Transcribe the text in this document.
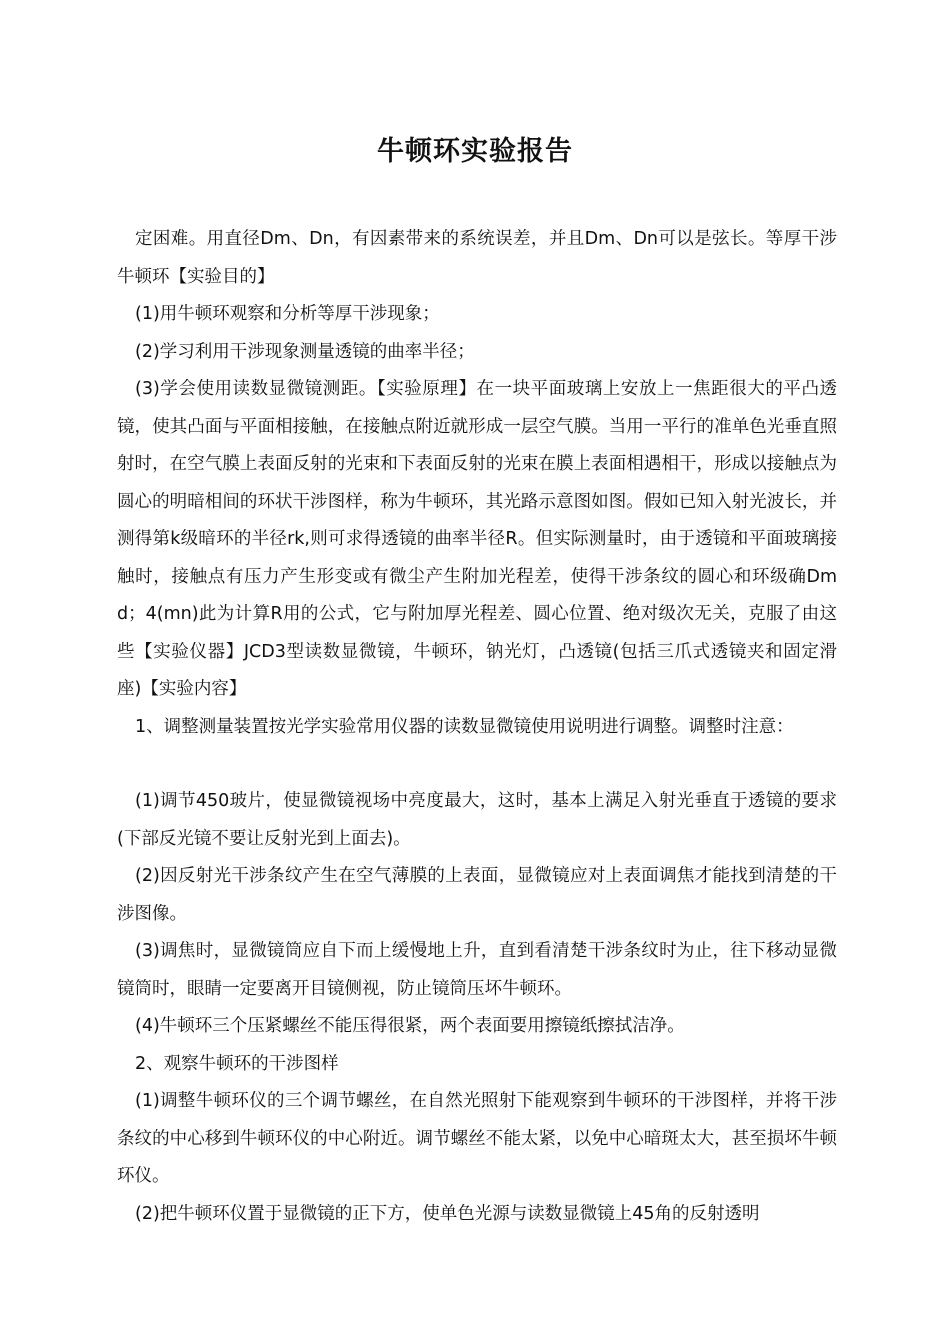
牛顿环实验报告

定困难。用直径Dm、Dn，有因素带来的系统误差，并且Dm、Dn可以是弦长。等厚干涉牛顿环【实验目的】

(1)用牛顿环观察和分析等厚干涉现象；

(2)学习利用干涉现象测量透镜的曲率半径；

(3)学会使用读数显微镜测距。【实验原理】在一块平面玻璃上安放上一焦距很大的平凸透镜，使其凸面与平面相接触，在接触点附近就形成一层空气膜。当用一平行的准单色光垂直照射时，在空气膜上表面反射的光束和下表面反射的光束在膜上表面相遇相干，形成以接触点为圆心的明暗相间的环状干涉图样，称为牛顿环，其光路示意图如图。假如已知入射光波长，并测得第k级暗环的半径rk,则可求得透镜的曲率半径R。但实际测量时，由于透镜和平面玻璃接触时，接触点有压力产生形变或有微尘产生附加光程差，使得干涉条纹的圆心和环级确Dmd；4(mn)此为计算R用的公式，它与附加厚光程差、圆心位置、绝对级次无关，克服了由这些【实验仪器】JCD3型读数显微镜，牛顿环，钠光灯，凸透镜(包括三爪式透镜夹和固定滑座)【实验内容】

1、调整测量装置按光学实验常用仪器的读数显微镜使用说明进行调整。调整时注意：

(1)调节450玻片，使显微镜视场中亮度最大，这时，基本上满足入射光垂直于透镜的要求(下部反光镜不要让反射光到上面去)。

(2)因反射光干涉条纹产生在空气薄膜的上表面，显微镜应对上表面调焦才能找到清楚的干涉图像。

(3)调焦时，显微镜筒应自下而上缓慢地上升，直到看清楚干涉条纹时为止，往下移动显微镜筒时，眼睛一定要离开目镜侧视，防止镜筒压坏牛顿环。

(4)牛顿环三个压紧螺丝不能压得很紧，两个表面要用擦镜纸擦拭洁净。

2、观察牛顿环的干涉图样

(1)调整牛顿环仪的三个调节螺丝，在自然光照射下能观察到牛顿环的干涉图样，并将干涉条纹的中心移到牛顿环仪的中心附近。调节螺丝不能太紧，以免中心暗斑太大，甚至损坏牛顿环仪。

(2)把牛顿环仪置于显微镜的正下方，使单色光源与读数显微镜上45角的反射透明
